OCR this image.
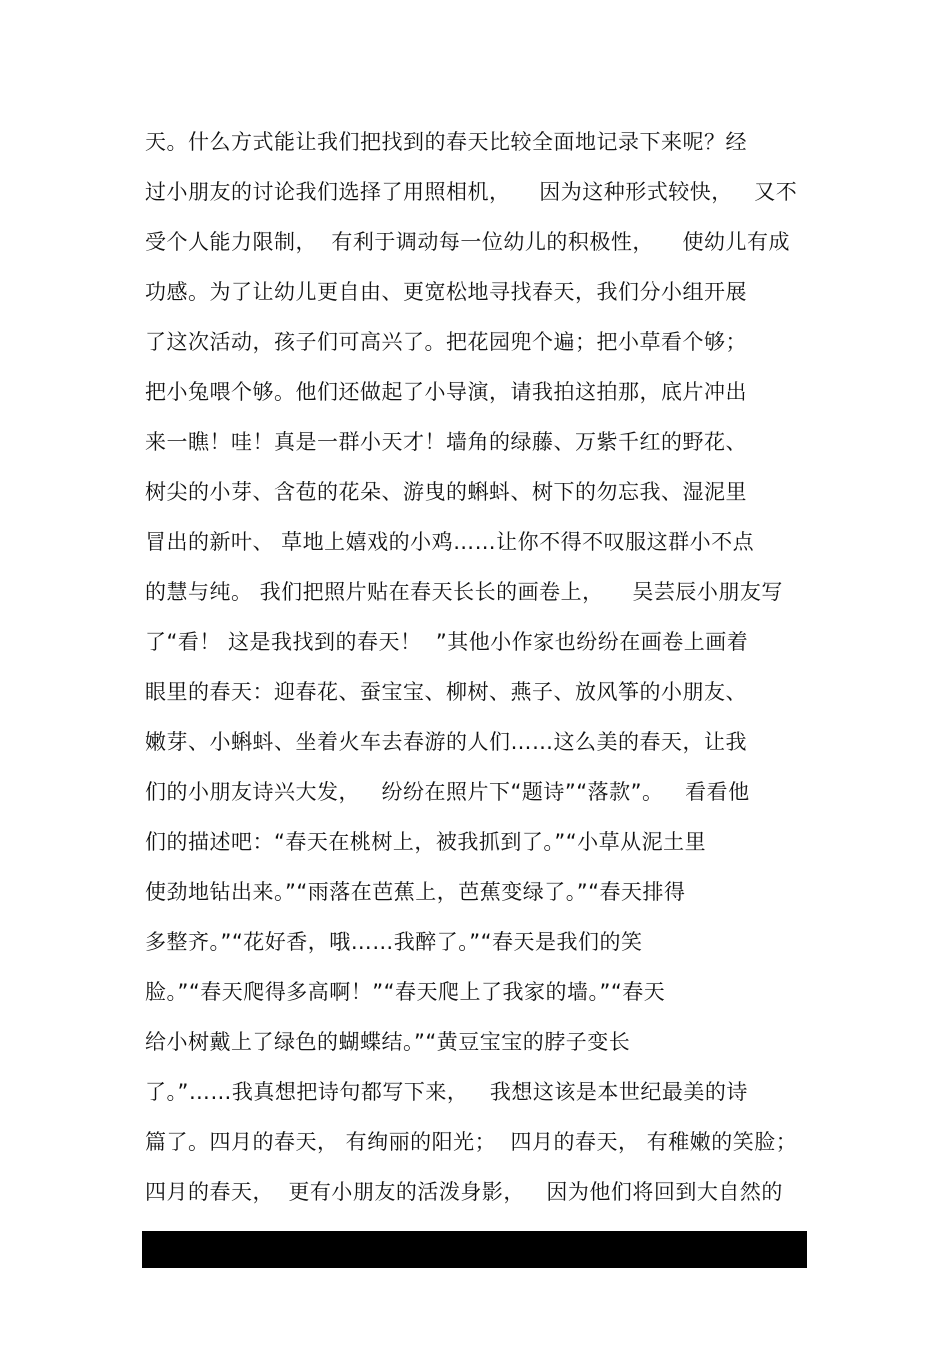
天。什么方式能让我们把找到的春天比较全面地记录下来呢？经
过小朋友的讨论我们选择了用照相机，    因为这种形式较快，   又不
受个人能力限制，  有利于调动每一位幼儿的积极性，    使幼儿有成
功感。为了让幼儿更自由、更宽松地寻找春天，我们分小组开展
了这次活动，孩子们可高兴了。把花园兜个遍；把小草看个够；
把小兔喂个够。他们还做起了小导演，请我拍这拍那，底片冲出
来一瞧！哇！真是一群小天才！墙角的绿藤、万紫千红的野花、
树尖的小芽、含苞的花朵、游曳的蝌蚪、树下的勿忘我、湿泥里
冒出的新叶、 草地上嬉戏的小鸡……让你不得不叹服这群小不点
的慧与纯。 我们把照片贴在春天长长的画卷上，    吴芸辰小朋友写
了“看！ 这是我找到的春天！  ”其他小作家也纷纷在画卷上画着
眼里的春天：迎春花、蚕宝宝、柳树、燕子、放风筝的小朋友、
嫩芽、小蝌蚪、坐着火车去春游的人们……这么美的春天，让我
们的小朋友诗兴大发，   纷纷在照片下“题诗”“落款”。   看看他
们的描述吧：“春天在桃树上，被我抓到了。”“小草从泥土里
使劲地钻出来。”“雨落在芭蕉上，芭蕉变绿了。”“春天排得
多整齐。”“花好香，哦……我醉了。”“春天是我们的笑
脸。”“春天爬得多高啊！”“春天爬上了我家的墙。”“春天
给小树戴上了绿色的蝴蝶结。”“黄豆宝宝的脖子变长
了。”……我真想把诗句都写下来，   我想这该是本世纪最美的诗
篇了。四月的春天， 有绚丽的阳光；  四月的春天， 有稚嫩的笑脸；
四月的春天，  更有小朋友的活泼身影，   因为他们将回到大自然的
